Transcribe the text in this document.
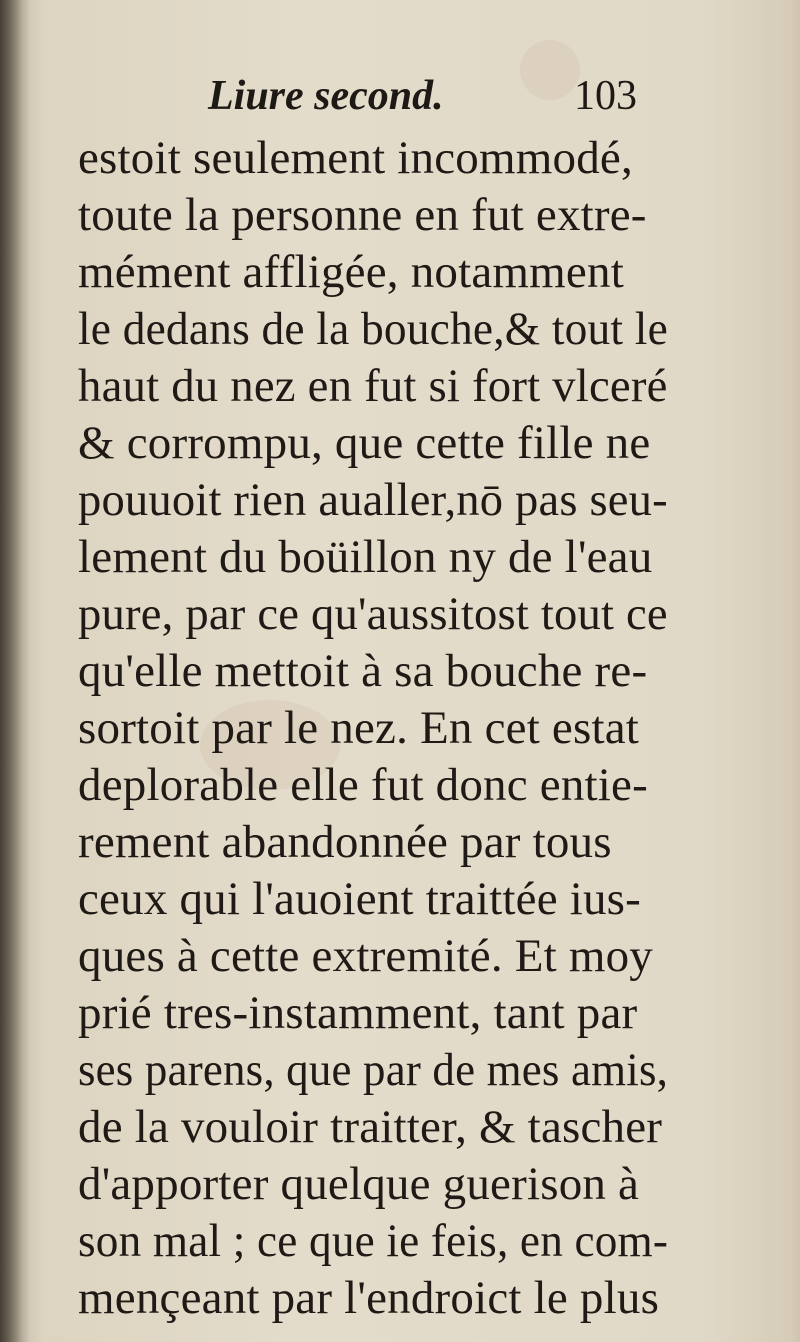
Liure second.	103
estoit seulement incommodé,
toute la personne en fut extre-
mément affligée, notamment
le dedans de la bouche,& tout le
haut du nez en fut si fort vlceré
& corrompu, que cette fille ne
pouuoit rien aualler,nō pas seu-
lement du boüillon ny de l'eau
pure, par ce qu'aussitost tout ce
qu'elle mettoit à sa bouche re-
sortoit par le nez. En cet estat
deplorable elle fut donc entie-
rement abandonnée par tous
ceux qui l'auoient traittée ius-
ques à cette extremité. Et moy
prié tres-instamment, tant par
ses parens, que par de mes amis,
de la vouloir traitter, & tascher
d'apporter quelque guerison à
son mal ; ce que ie feis, en com-
mençeant par l'endroict le plus
